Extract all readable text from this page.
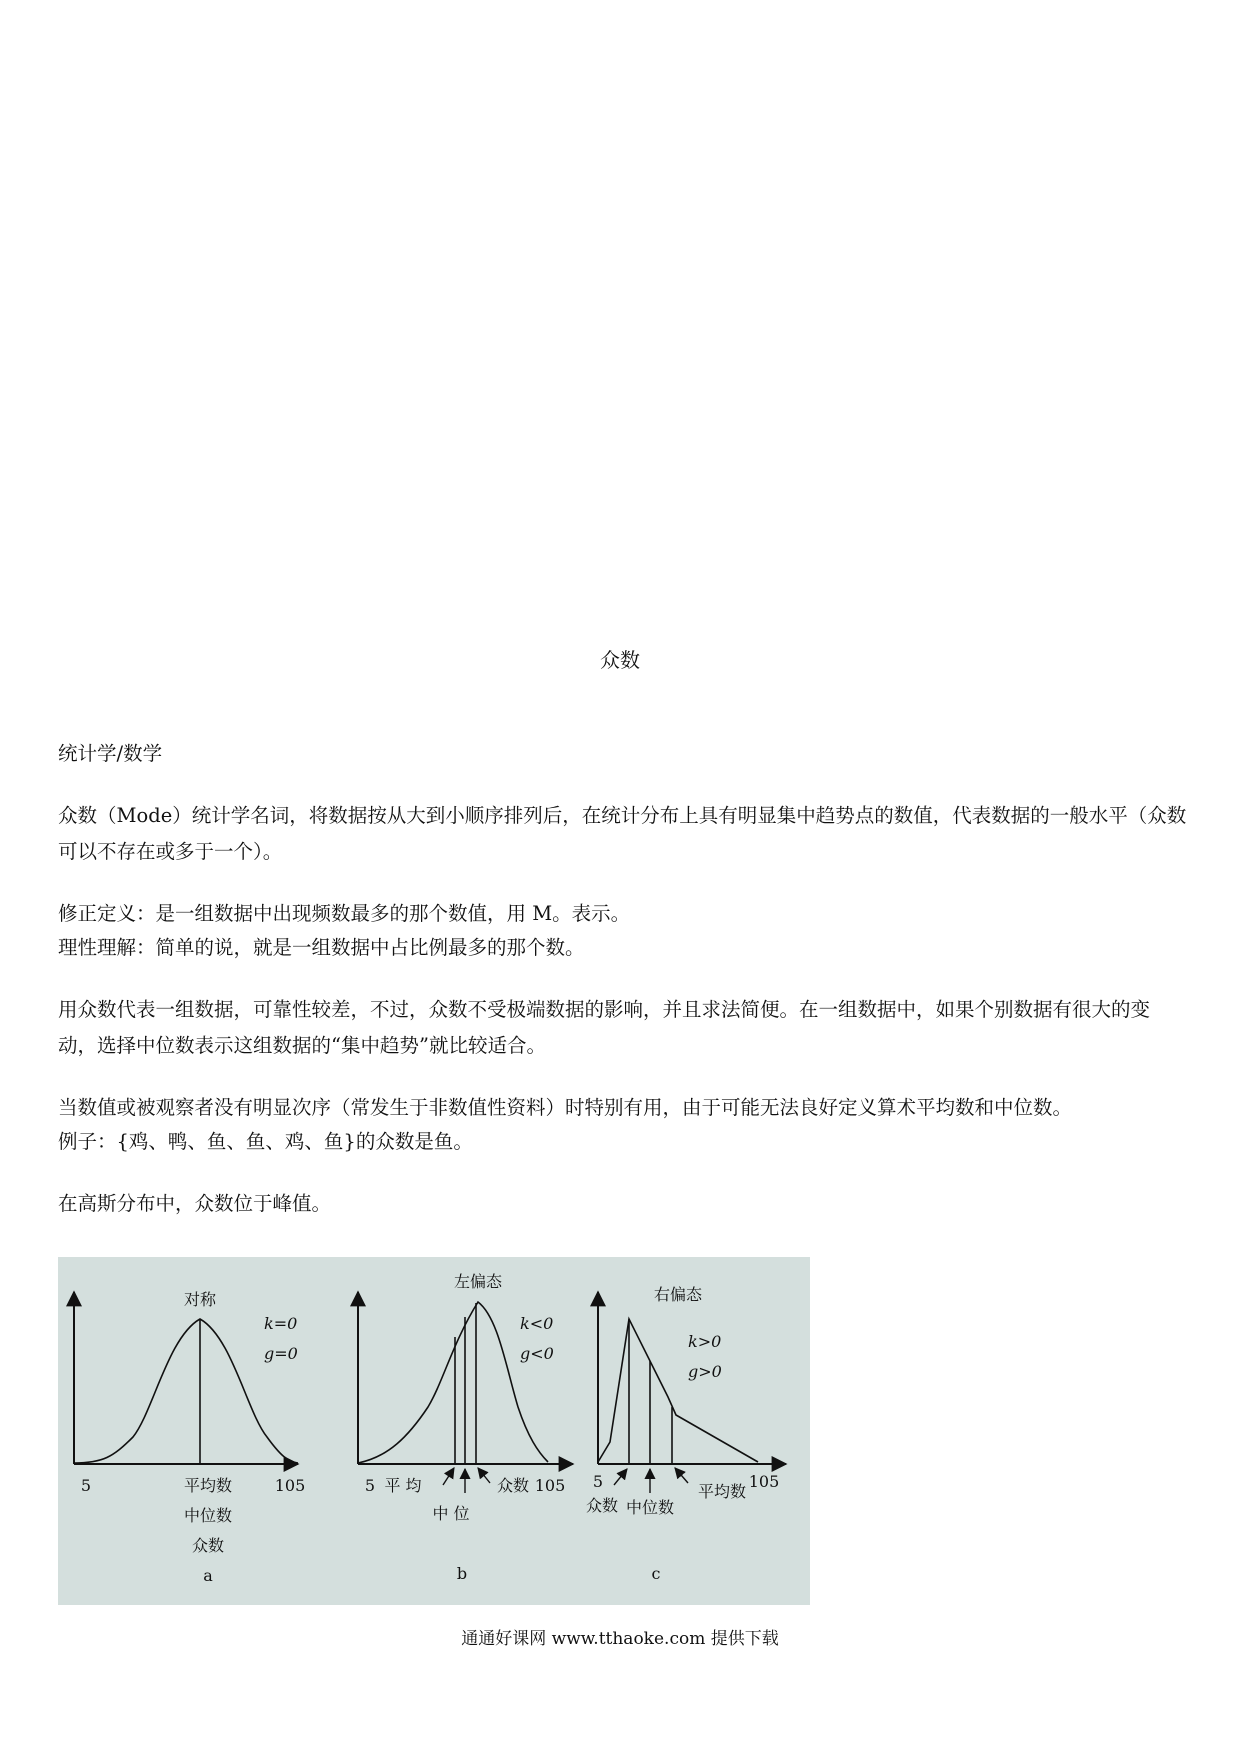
众数

统计学/数学

众数（Mode）统计学名词，将数据按从大到小顺序排列后，在统计分布上具有明显集中趋势点的数值，代表数据的一般水平（众数可以不存在或多于一个）。

修正定义：是一组数据中出现频数最多的那个数值，用 M。表示。

理性理解：简单的说，就是一组数据中占比例最多的那个数。

用众数代表一组数据，可靠性较差，不过，众数不受极端数据的影响，并且求法简便。在一组数据中，如果个别数据有很大的变动，选择中位数表示这组数据的“集中趋势”就比较适合。

当数值或被观察者没有明显次序（常发生于非数值性资料）时特别有用，由于可能无法良好定义算术平均数和中位数。

例子：{鸡、鸭、鱼、鱼、鸡、鱼}的众数是鱼。

在高斯分布中，众数位于峰值。

对称
k=0
g=0
5	105
平均数
中位数
众数
a
左偏态
k<0
g<0
5 平 均
中 位
众数 105
b
右偏态
k>0
g>0
5	105
众数 中位数
平均数
c
通通好课网 www.tthaoke.com 提供下载
